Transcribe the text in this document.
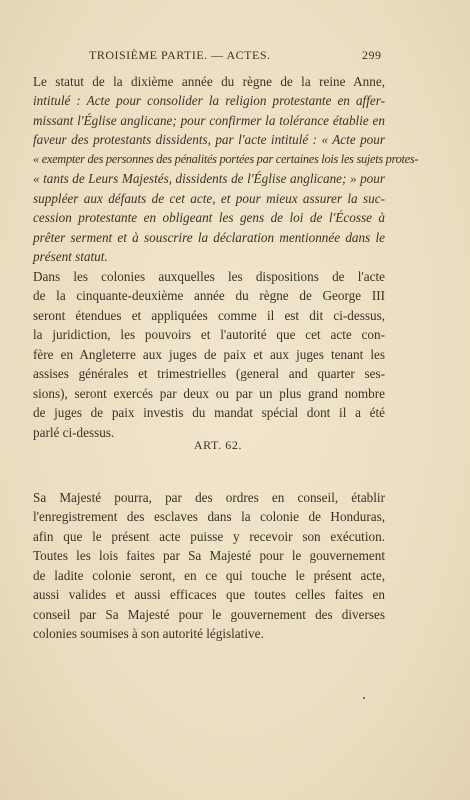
TROISIÈME PARTIE. — ACTES.	299
Le statut de la dixième année du règne de la reine Anne,
intitulé : Acte pour consolider la religion protestante en affer-
missant l'Église anglicane; pour confirmer la tolérance établie en
faveur des protestants dissidents, par l'acte intitulé : « Acte pour
« exempter des personnes des pénalités portées par certaines lois les sujets protes-
« tants de Leurs Majestés, dissidents de l'Église anglicane; » pour
suppléer aux défauts de cet acte, et pour mieux assurer la suc-
cession protestante en obligeant les gens de loi de l'Écosse à
prêter serment et à souscrire la déclaration mentionnée dans le
présent statut.
Dans les colonies auxquelles les dispositions de l'acte
de la cinquante-deuxième année du règne de George III
seront étendues et appliquées comme il est dit ci-dessus,
la juridiction, les pouvoirs et l'autorité que cet acte con-
fère en Angleterre aux juges de paix et aux juges tenant les
assises générales et trimestrielles (general and quarter ses-
sions), seront exercés par deux ou par un plus grand nombre
de juges de paix investis du mandat spécial dont il a été
parlé ci-dessus.
ART. 62.
Sa Majesté pourra, par des ordres en conseil, établir
l'enregistrement des esclaves dans la colonie de Honduras,
afin que le présent acte puisse y recevoir son exécution.
Toutes les lois faites par Sa Majesté pour le gouvernement
de ladite colonie seront, en ce qui touche le présent acte,
aussi valides et aussi efficaces que toutes celles faites en
conseil par Sa Majesté pour le gouvernement des diverses
colonies soumises à son autorité législative.
